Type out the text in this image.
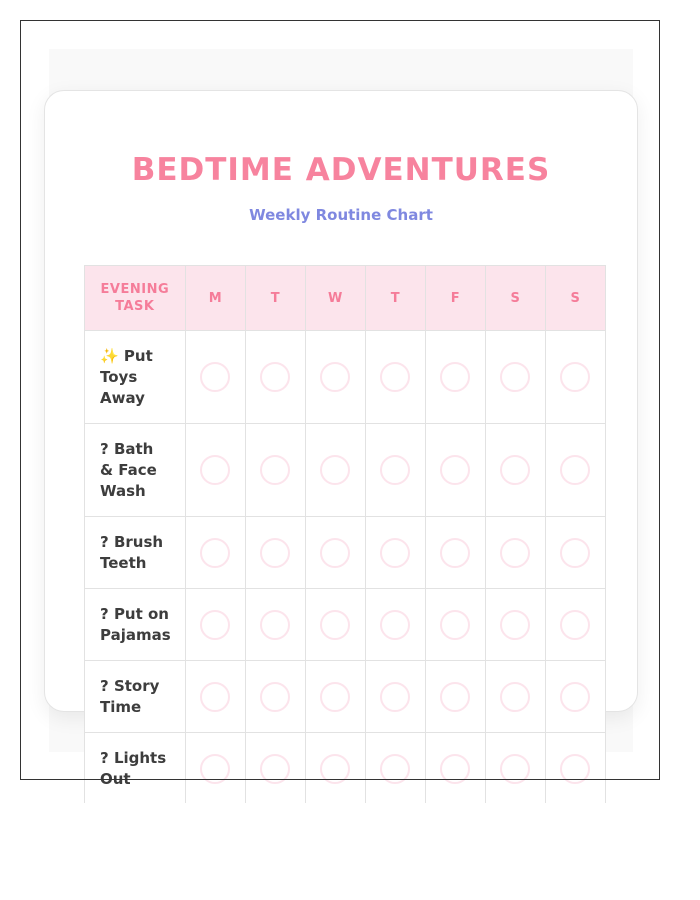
BEDTIME ADVENTURES
Weekly Routine Chart
EVENING TASK	M	T	W	T	F	S	S
✨ Put Toys Away							
? Bath & Face Wash							
? Brush Teeth							
? Put on Pajamas							
? Story Time							
? Lights Out							
